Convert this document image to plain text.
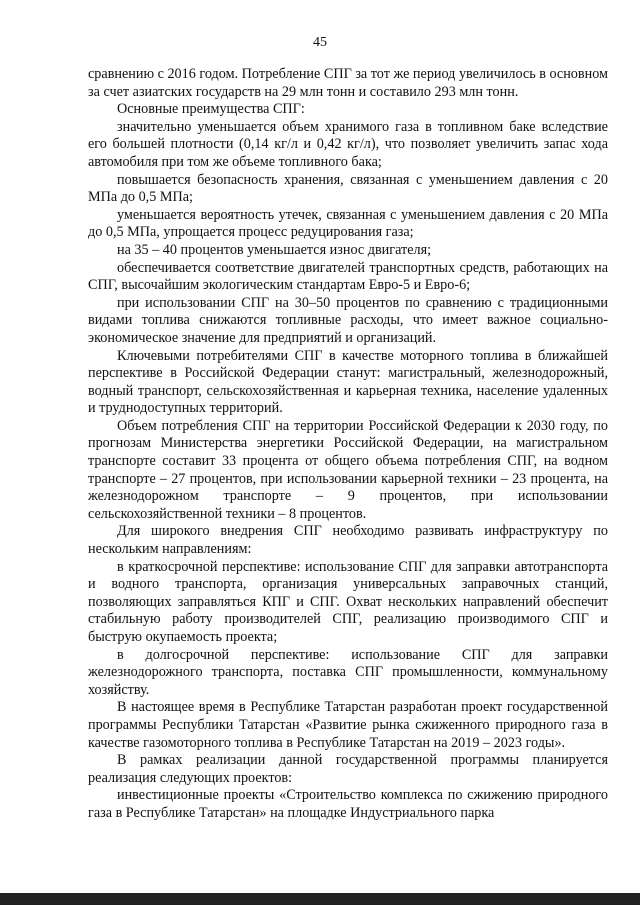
45

сравнению с 2016 годом. Потребление СПГ за тот же период увеличилось в основном за счет азиатских государств на 29 млн тонн и составило 293 млн тонн.

Основные преимущества СПГ:

значительно уменьшается объем хранимого газа в топливном баке вследствие его большей плотности (0,14 кг/л и 0,42 кг/л), что позволяет увеличить запас хода автомобиля при том же объеме топливного бака;

повышается безопасность хранения, связанная с уменьшением давления с 20 МПа до 0,5 МПа;

уменьшается вероятность утечек, связанная с уменьшением давления с 20 МПа до 0,5 МПа, упрощается процесс редуцирования газа;

на 35 – 40 процентов уменьшается износ двигателя;

обеспечивается соответствие двигателей транспортных средств, работающих на СПГ, высочайшим экологическим стандартам Евро-5 и Евро-6;

при использовании СПГ на 30–50 процентов по сравнению с традиционными видами топлива снижаются топливные расходы, что имеет важное социально-экономическое значение для предприятий и организаций.

Ключевыми потребителями СПГ в качестве моторного топлива в ближайшей перспективе в Российской Федерации станут: магистральный, железнодорожный, водный транспорт, сельскохозяйственная и карьерная техника, население удаленных и труднодоступных территорий.

Объем потребления СПГ на территории Российской Федерации к 2030 году, по прогнозам Министерства энергетики Российской Федерации, на магистральном транспорте составит 33 процента от общего объема потребления СПГ, на водном транспорте – 27 процентов, при использовании карьерной техники – 23 процента, на железнодорожном транспорте – 9 процентов, при использовании сельскохозяйственной техники – 8 процентов.

Для широкого внедрения СПГ необходимо развивать инфраструктуру по нескольким направлениям:

в краткосрочной перспективе: использование СПГ для заправки автотранспорта и водного транспорта, организация универсальных заправочных станций, позволяющих заправляться КПГ и СПГ. Охват нескольких направлений обеспечит стабильную работу производителей СПГ, реализацию производимого СПГ и быструю окупаемость проекта;

в долгосрочной перспективе: использование СПГ для заправки железнодорожного транспорта, поставка СПГ промышленности, коммунальному хозяйству.

В настоящее время в Республике Татарстан разработан проект государственной программы Республики Татарстан «Развитие рынка сжиженного природного газа в качестве газомоторного топлива в Республике Татарстан на 2019 – 2023 годы».

В рамках реализации данной государственной программы планируется реализация следующих проектов:

инвестиционные проекты «Строительство комплекса по сжижению природного газа в Республике Татарстан» на площадке Индустриального парка
